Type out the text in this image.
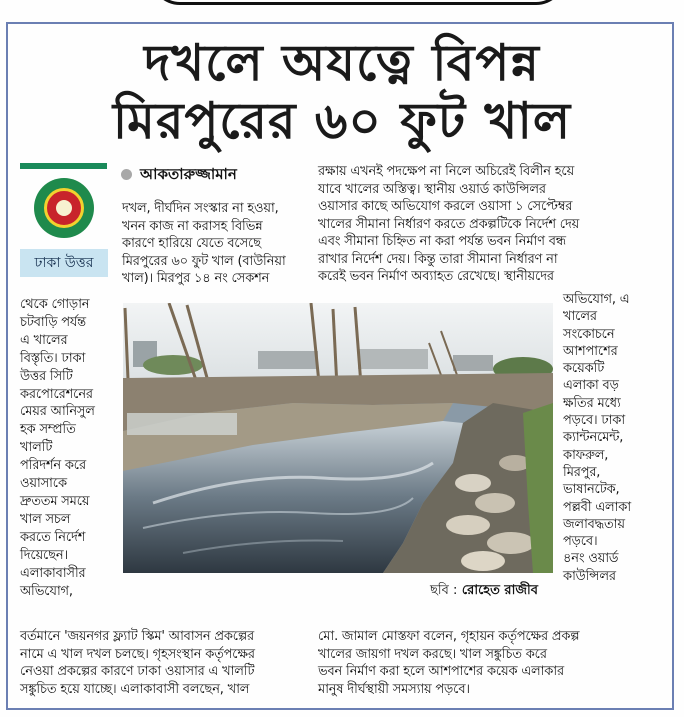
দখলে অযত্নে বিপন্ন
মিরপুরের ৬০ ফুট খাল
ঢাকা উত্তর
আকতারুজ্জামান
দখল, দীর্ঘদিন সংস্কার না হওয়া,
খনন কাজ না করাসহ বিভিন্ন
কারণে হারিয়ে যেতে বসেছে
মিরপুরের ৬০ ফুট খাল (বাউনিয়া
খাল)। মিরপুর ১৪ নং সেকশন
থেকে গোড়ান
চটবাড়ি পর্যন্ত
এ খালের
বিস্তৃতি। ঢাকা
উত্তর সিটি
করপোরেশনের
মেয়র আনিসুল
হক সম্প্রতি
খালটি
পরিদর্শন করে
ওয়াসাকে
দ্রুততম সময়ে
খাল সচল
করতে নির্দেশ
দিয়েছেন।
এলাকাবাসীর
অভিযোগ,
রক্ষায় এখনই পদক্ষেপ না নিলে অচিরেই বিলীন হয়ে
যাবে খালের অস্তিত্ব। স্থানীয় ওয়ার্ড কাউন্সিলর
ওয়াসার কাছে অভিযোগ করলে ওয়াসা ১ সেপ্টেম্বর
খালের সীমানা নির্ধারণ করতে প্রকল্পটিকে নির্দেশ দেয়
এবং সীমানা চিহ্নিত না করা পর্যন্ত ভবন নির্মাণ বন্ধ
রাখার নির্দেশ দেয়। কিন্তু তারা সীমানা নির্ধারণ না
করেই ভবন নির্মাণ অব্যাহত রেখেছে। স্থানীয়দের
অভিযোগ, এ
খালের
সংকোচনে
আশপাশের
কয়েকটি
এলাকা বড়
ক্ষতির মধ্যে
পড়বে। ঢাকা
ক্যান্টনমেন্ট,
কাফরুল,
মিরপুর,
ভাষানটেক,
পল্লবী এলাকা
জলাবদ্ধতায়
পড়বে।
৪নং ওয়ার্ড
কাউন্সিলর
ছবি : রোহেত রাজীব
বর্তমানে 'জয়নগর ফ্ল্যাট স্কিম' আবাসন প্রকল্পের
নামে এ খাল দখল চলছে। গৃহসংস্থান কর্তৃপক্ষের
নেওয়া প্রকল্পের কারণে ঢাকা ওয়াসার এ খালটি
সঙ্কুচিত হয়ে যাচ্ছে। এলাকাবাসী বলছেন, খাল
মো. জামাল মোস্তফা বলেন, গৃহায়ন কর্তৃপক্ষের প্রকল্প
খালের জায়গা দখল করছে। খাল সঙ্কুচিত করে
ভবন নির্মাণ করা হলে আশপাশের কয়েক এলাকার
মানুষ দীর্ঘস্থায়ী সমস্যায় পড়বে।
